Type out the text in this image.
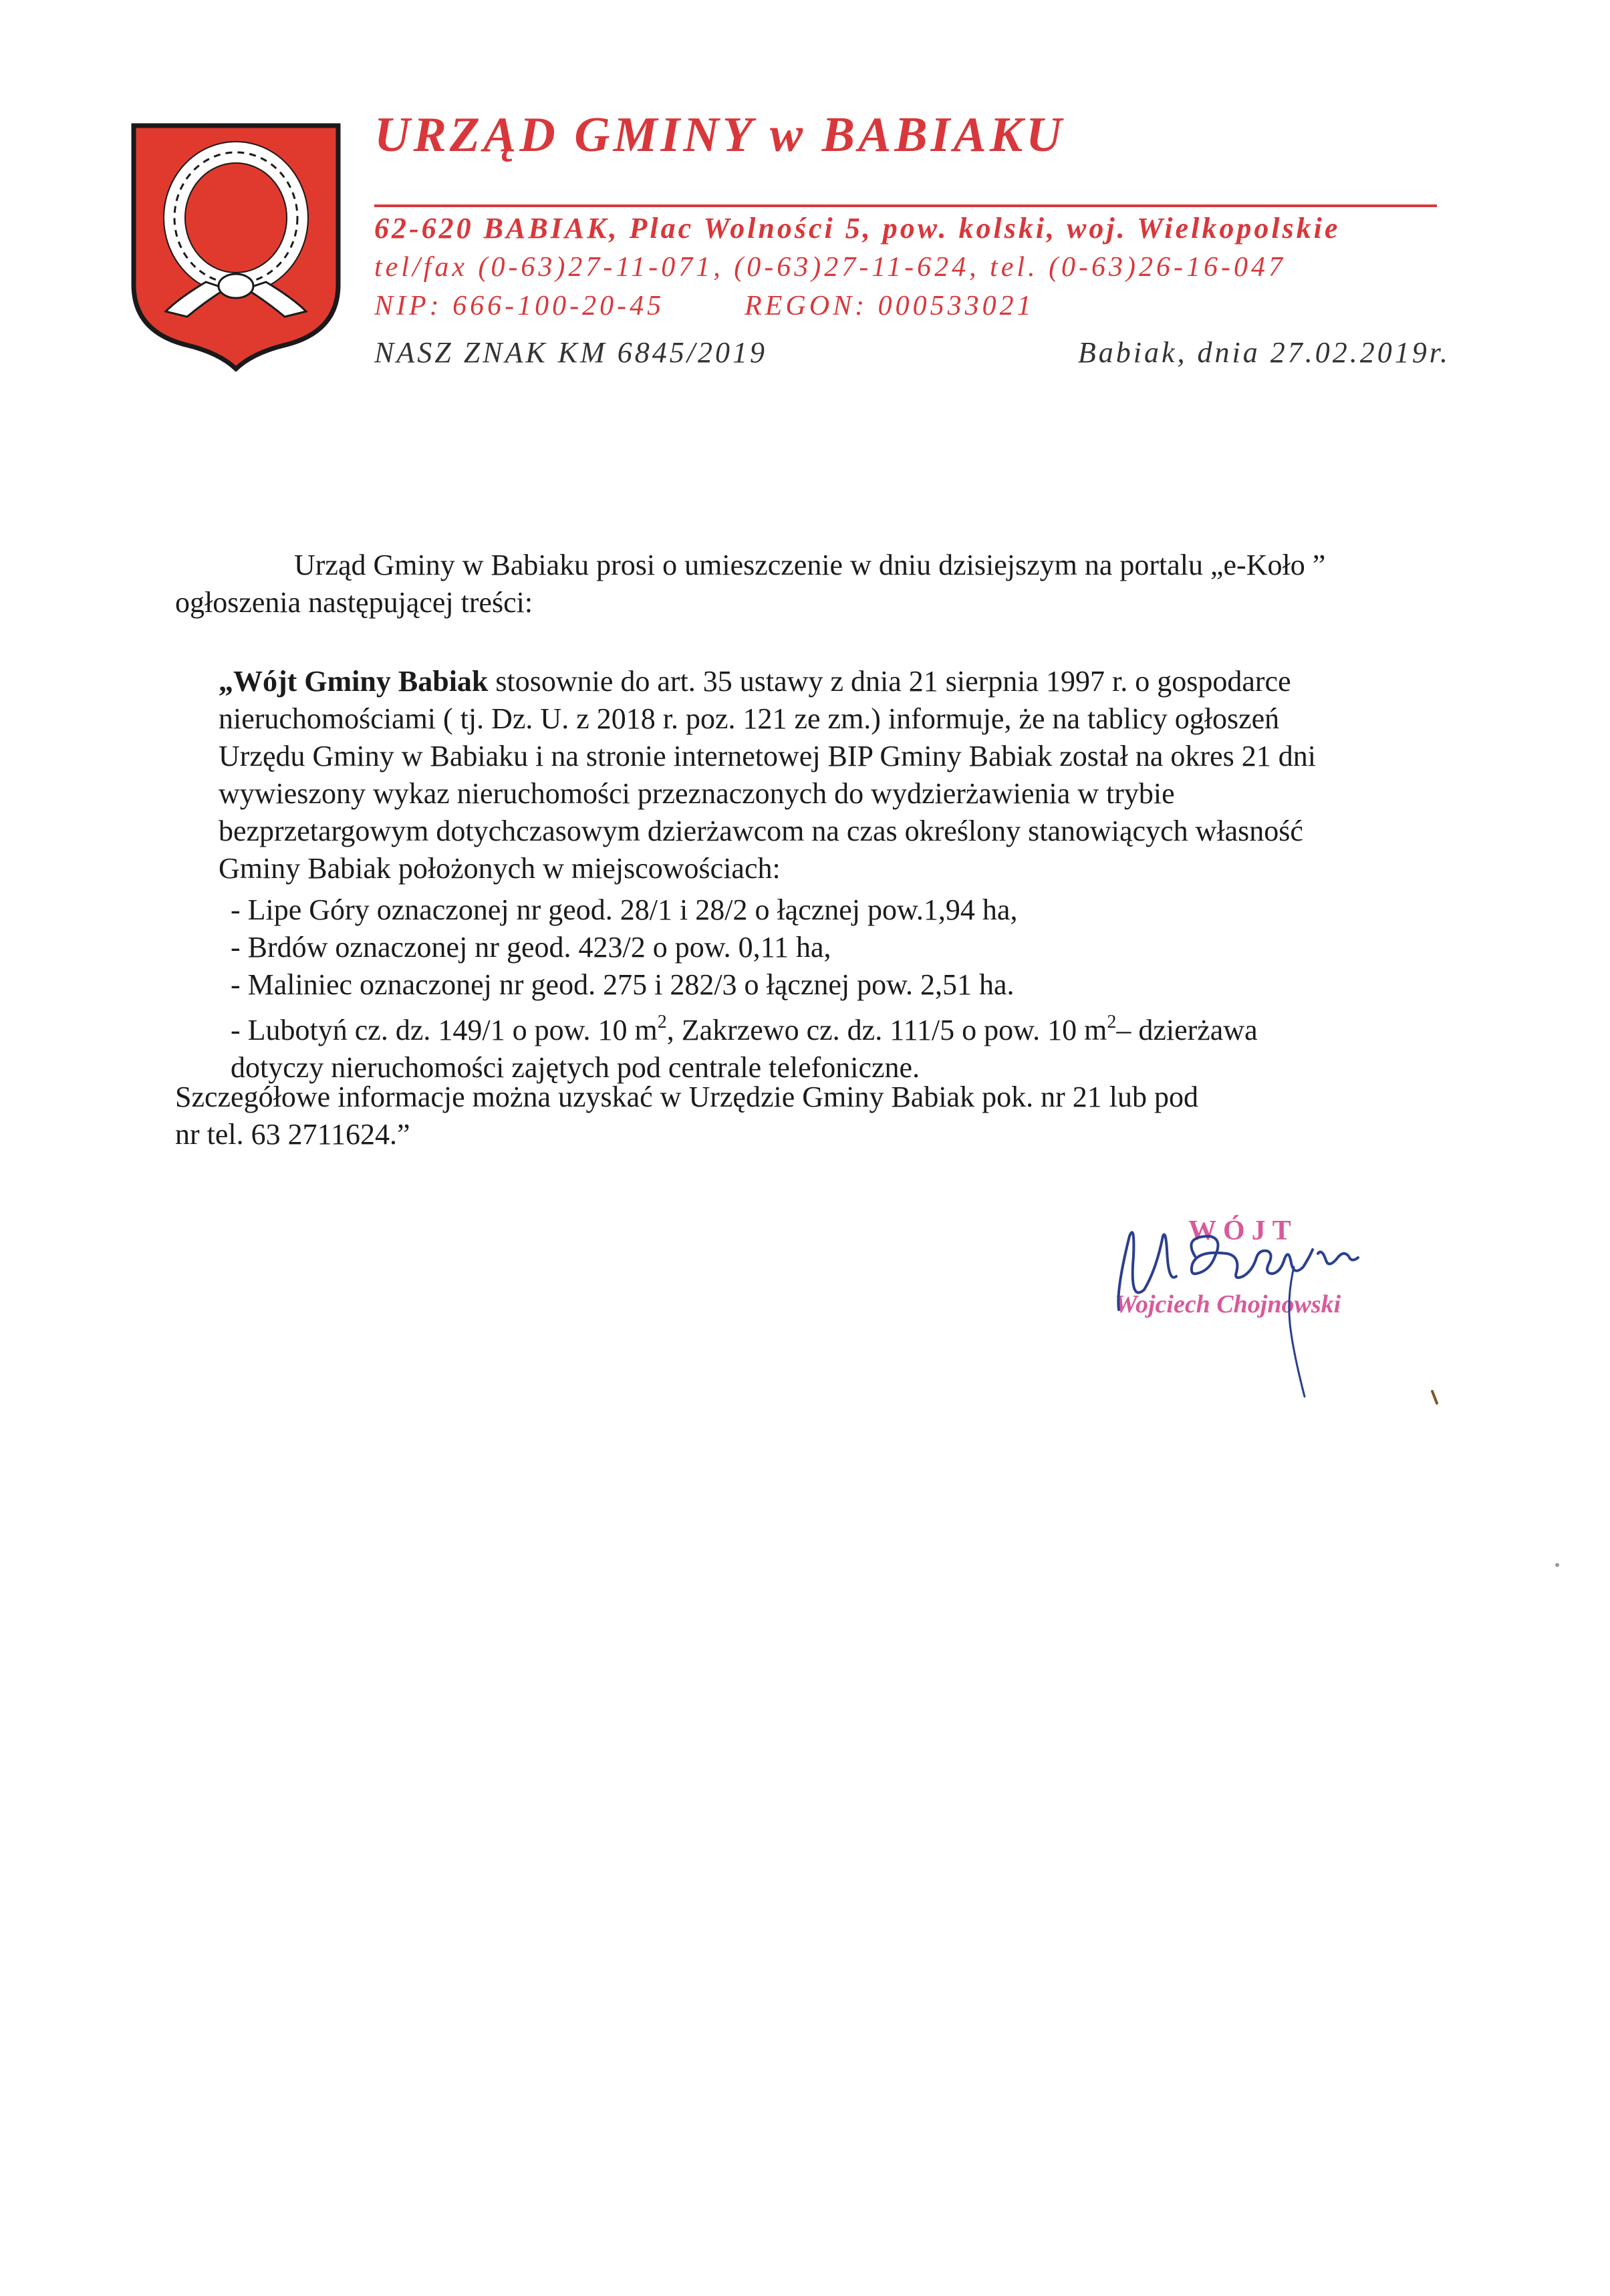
URZĄD GMINY w BABIAKU
62-620 BABIAK, Plac Wolności 5, pow. kolski, woj. Wielkopolskie
tel/fax (0-63)27-11-071, (0-63)27-11-624, tel. (0-63)26-16-047
NIP: 666-100-20-45	REGON: 000533021
NASZ ZNAK KM 6845/2019	Babiak, dnia 27.02.2019r.
Urząd Gminy w Babiaku prosi o umieszczenie w dniu dzisiejszym na portalu „e-Koło ”
ogłoszenia następującej treści:
„Wójt Gminy Babiak stosownie do art. 35 ustawy z dnia 21 sierpnia 1997 r. o gospodarce
nieruchomościami ( tj. Dz. U. z 2018 r. poz. 121 ze zm.) informuje, że na tablicy ogłoszeń
Urzędu Gminy w Babiaku i na stronie internetowej BIP Gminy Babiak został na okres 21 dni
wywieszony wykaz nieruchomości przeznaczonych do wydzierżawienia w trybie
bezprzetargowym dotychczasowym dzierżawcom na czas określony stanowiących własność
Gminy Babiak położonych w miejscowościach:
- Lipe Góry oznaczonej nr geod. 28/1 i 28/2 o łącznej pow.1,94 ha,
- Brdów oznaczonej nr geod. 423/2 o pow. 0,11 ha,
- Maliniec oznaczonej nr geod. 275 i 282/3 o łącznej pow. 2,51 ha.
- Lubotyń cz. dz. 149/1 o pow. 10 $m^2$, Zakrzewo cz. dz. 111/5 o pow. 10 $m^2-$ dzierżawa
dotyczy nieruchomości zajętych pod centrale telefoniczne.
Szczegółowe informacje można uzyskać w Urzędzie Gminy Babiak pok. nr 21 lub pod
nr tel. 63 2711624.”
WÓJT
Wojciech Chojnowski
